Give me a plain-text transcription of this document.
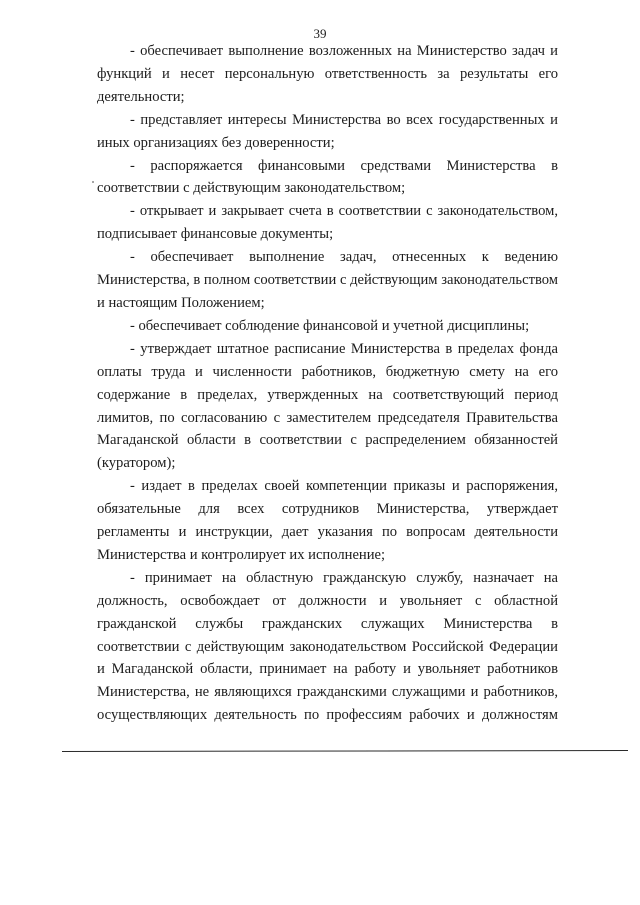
39

- обеспечивает выполнение возложенных на Министерство задач и функций и несет персональную ответственность за результаты его деятельности;

- представляет интересы Министерства во всех государственных и иных организациях без доверенности;

- распоряжается финансовыми средствами Министерства в соответствии с действующим законодательством;

- открывает и закрывает счета в соответствии с законодательством, подписывает финансовые документы;

- обеспечивает выполнение задач, отнесенных к ведению Министерства, в полном соответствии с действующим законодательством и настоящим Положением;

- обеспечивает соблюдение финансовой и учетной дисциплины;

- утверждает штатное расписание Министерства в пределах фонда оплаты труда и численности работников, бюджетную смету на его содержание в пределах, утвержденных на соответствующий период лимитов, по согласованию с заместителем председателя Правительства Магаданской области в соответствии с распределением обязанностей (куратором);

- издает в пределах своей компетенции приказы и распоряжения, обязательные для всех сотрудников Министерства, утверждает регламенты и инструкции, дает указания по вопросам деятельности Министерства и контролирует их исполнение;

- принимает на областную гражданскую службу, назначает на должность, освобождает от должности и увольняет с областной гражданской службы гражданских служащих Министерства в соответствии с действующим законодательством Российской Федерации и Магаданской области, принимает на работу и увольняет работников Министерства, не являющихся гражданскими служащими и работников, осуществляющих деятельность по профессиям рабочих и должностям
